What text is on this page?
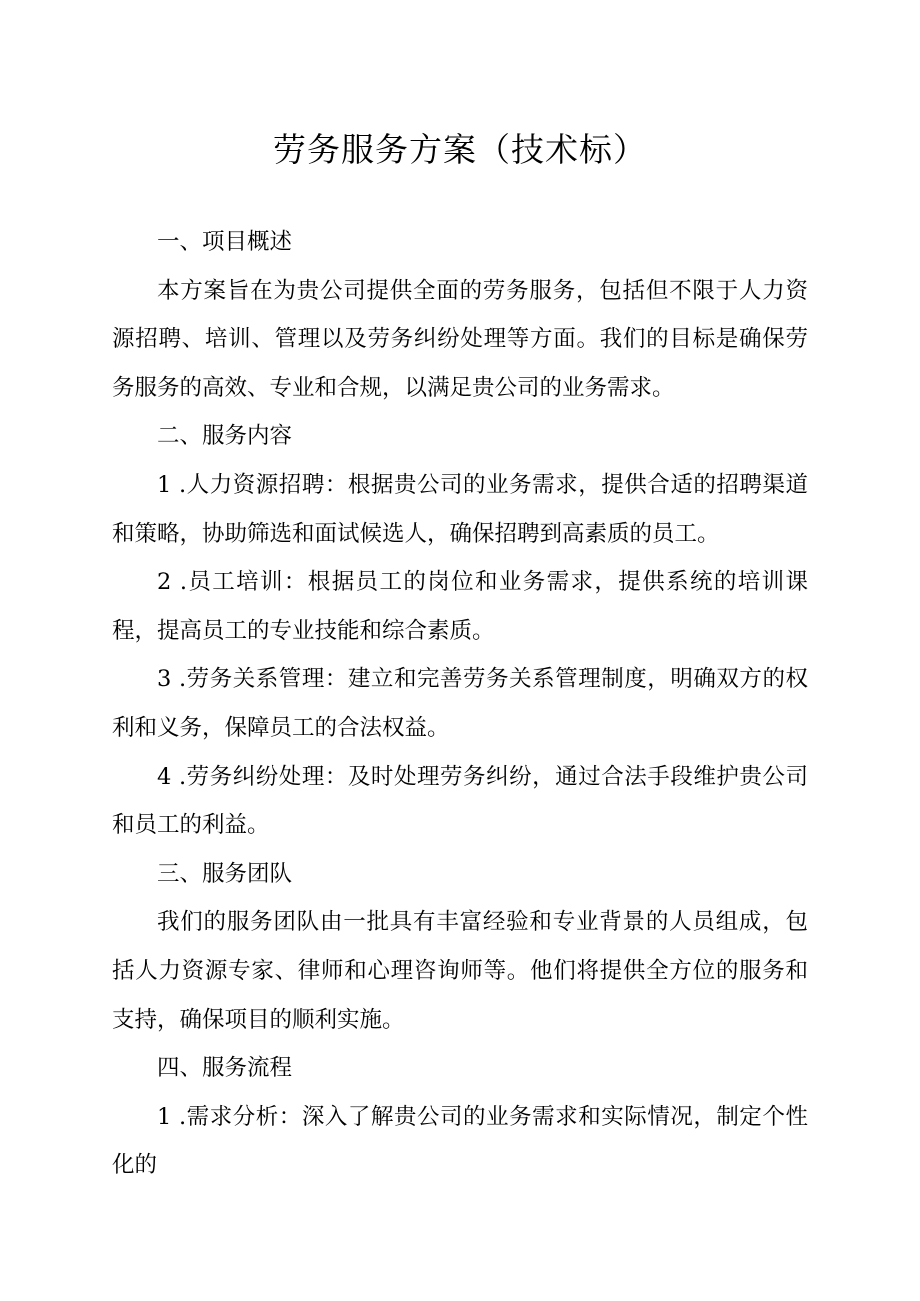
劳务服务方案（技术标）

一、项目概述

本方案旨在为贵公司提供全面的劳务服务，包括但不限于人力资源招聘、培训、管理以及劳务纠纷处理等方面。我们的目标是确保劳务服务的高效、专业和合规，以满足贵公司的业务需求。

二、服务内容

1 .人力资源招聘：根据贵公司的业务需求，提供合适的招聘渠道和策略，协助筛选和面试候选人，确保招聘到高素质的员工。

2 .员工培训：根据员工的岗位和业务需求，提供系统的培训课程，提高员工的专业技能和综合素质。

3 .劳务关系管理：建立和完善劳务关系管理制度，明确双方的权利和义务，保障员工的合法权益。

4 .劳务纠纷处理：及时处理劳务纠纷，通过合法手段维护贵公司和员工的利益。

三、服务团队

我们的服务团队由一批具有丰富经验和专业背景的人员组成，包括人力资源专家、律师和心理咨询师等。他们将提供全方位的服务和支持，确保项目的顺利实施。

四、服务流程

1 .需求分析：深入了解贵公司的业务需求和实际情况，制定个性化的
